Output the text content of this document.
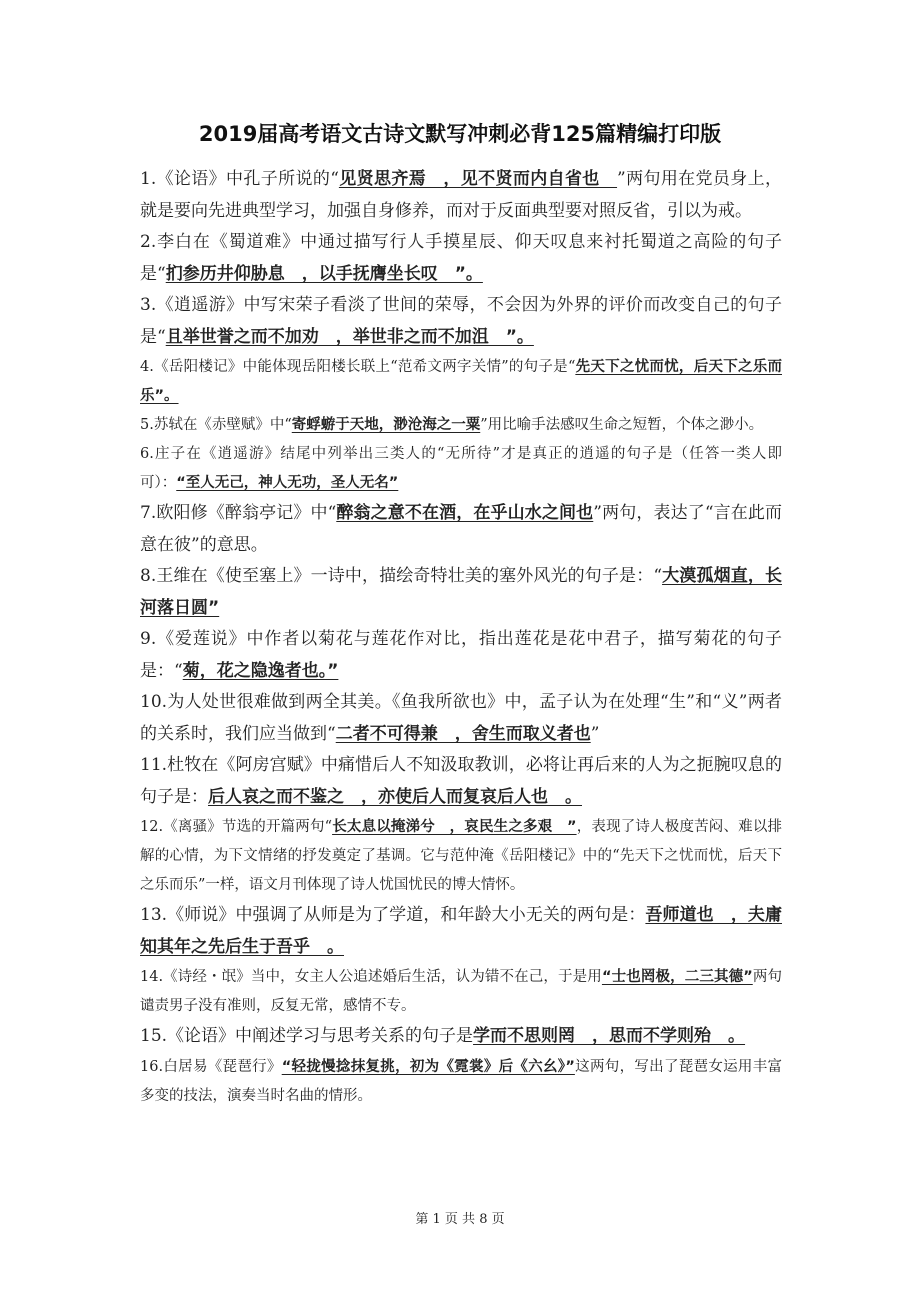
2019届高考语文古诗文默写冲刺必背125篇精编打印版

1.《论语》中孔子所说的“见贤思齐焉　，见不贤而内自省也　”两句用在党员身上，就是要向先进典型学习，加强自身修养，而对于反面典型要对照反省，引以为戒。

2.李白在《蜀道难》中通过描写行人手摸星辰、仰天叹息来衬托蜀道之高险的句子是“扪参历井仰胁息　，以手抚膺坐长叹　”。

3.《逍遥游》中写宋荣子看淡了世间的荣辱，不会因为外界的评价而改变自己的句子是“且举世誉之而不加劝　，举世非之而不加沮　”。

4.《岳阳楼记》中能体现岳阳楼长联上“范希文两字关情”的句子是“先天下之忧而忧，后天下之乐而乐”。

5.苏轼在《赤壁赋》中“寄蜉蝣于天地，渺沧海之一粟”用比喻手法感叹生命之短暂，个体之渺小。

6.庄子在《逍遥游》结尾中列举出三类人的“无所待”才是真正的逍遥的句子是（任答一类人即可）：“至人无己，神人无功，圣人无名”

7.欧阳修《醉翁亭记》中“醉翁之意不在酒，在乎山水之间也”两句，表达了“言在此而意在彼”的意思。

8.王维在《使至塞上》一诗中，描绘奇特壮美的塞外风光的句子是：“大漠孤烟直，长河落日圆”

9.《爱莲说》中作者以菊花与莲花作对比，指出莲花是花中君子，描写菊花的句子是：“菊，花之隐逸者也。”

10.为人处世很难做到两全其美。《鱼我所欲也》中，孟子认为在处理“生”和“义”两者的关系时，我们应当做到“二者不可得兼　，舍生而取义者也”

11.杜牧在《阿房宫赋》中痛惜后人不知汲取教训，必将让再后来的人为之扼腕叹息的句子是：后人哀之而不鉴之　，亦使后人而复哀后人也　。

12.《离骚》节选的开篇两句“长太息以掩涕兮　，哀民生之多艰　”，表现了诗人极度苦闷、难以排解的心情，为下文情绪的抒发奠定了基调。它与范仲淹《岳阳楼记》中的“先天下之忧而忧，后天下之乐而乐”一样，语文月刊体现了诗人忧国忧民的博大情怀。

13.《师说》中强调了从师是为了学道，和年龄大小无关的两句是：吾师道也　，夫庸知其年之先后生于吾乎　。

14.《诗经・氓》当中，女主人公追述婚后生活，认为错不在己，于是用“士也罔极，二三其德”两句谴责男子没有准则，反复无常，感情不专。

15.《论语》中阐述学习与思考关系的句子是学而不思则罔　，思而不学则殆　。

16.白居易《琵琶行》“轻拢慢捻抹复挑，初为《霓裳》后《六幺》”这两句，写出了琵琶女运用丰富多变的技法，演奏当时名曲的情形。

第 1 页 共 8 页
